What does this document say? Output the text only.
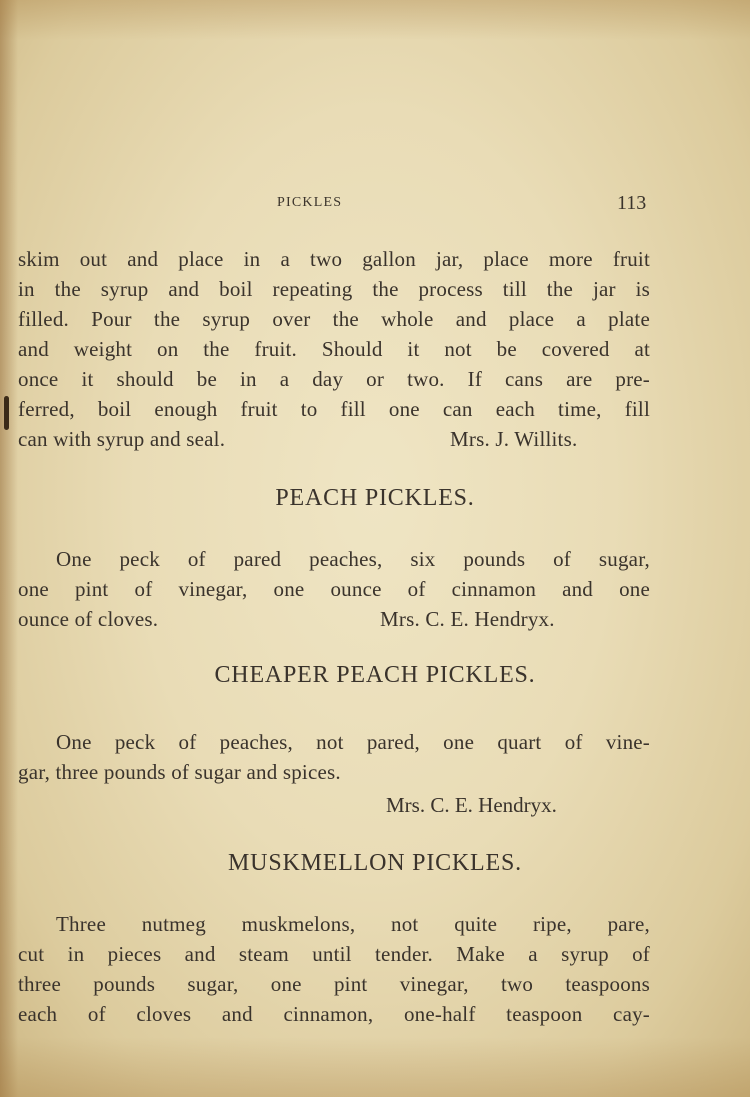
PICKLES	113
skim out and place in a two gallon jar, place more fruit
in the syrup and boil repeating the process till the jar is
filled. Pour the syrup over the whole and place a plate
and weight on the fruit. Should it not be covered at
once it should be in a day or two. If cans are pre-
ferred, boil enough fruit to fill one can each time, fill
can with syrup and seal.	Mrs. J. Willits.
PEACH PICKLES.
One peck of pared peaches, six pounds of sugar,
one pint of vinegar, one ounce of cinnamon and one
ounce of cloves.	Mrs. C. E. Hendryx.
CHEAPER PEACH PICKLES.
One peck of peaches, not pared, one quart of vine-
gar, three pounds of sugar and spices.
Mrs. C. E. Hendryx.
MUSKMELLON PICKLES.
Three nutmeg muskmelons, not quite ripe, pare,
cut in pieces and steam until tender. Make a syrup of
three pounds sugar, one pint vinegar, two teaspoons
each of cloves and cinnamon, one-half teaspoon cay-
